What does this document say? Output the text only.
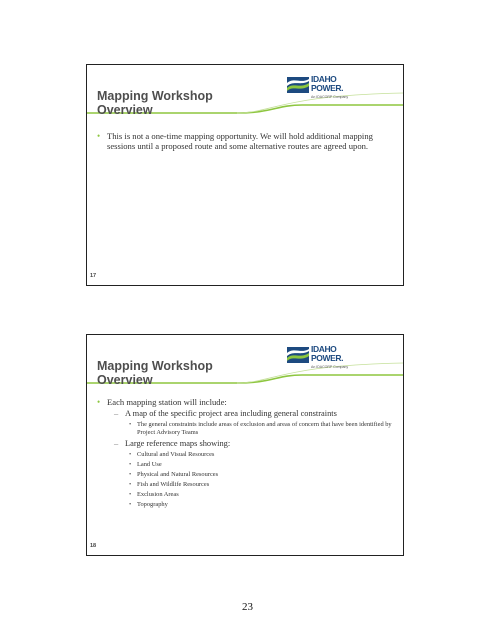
IDAHO
POWER.
An IDACORP Company
Mapping Workshop
Overview
• This is not a one-time mapping opportunity. We will hold additional mapping sessions until a proposed route and some alternative routes are agreed upon.
17
IDAHO
POWER.
An IDACORP Company
Mapping Workshop
Overview
• Each mapping station will include:
– A map of the specific project area including general constraints
• The general constraints include areas of exclusion and areas of concern that have been identified by Project Advisory Teams
– Large reference maps showing:
• Cultural and Visual Resources
• Land Use
• Physical and Natural Resources
• Fish and Wildlife Resources
• Exclusion Areas
• Topography
18
23
